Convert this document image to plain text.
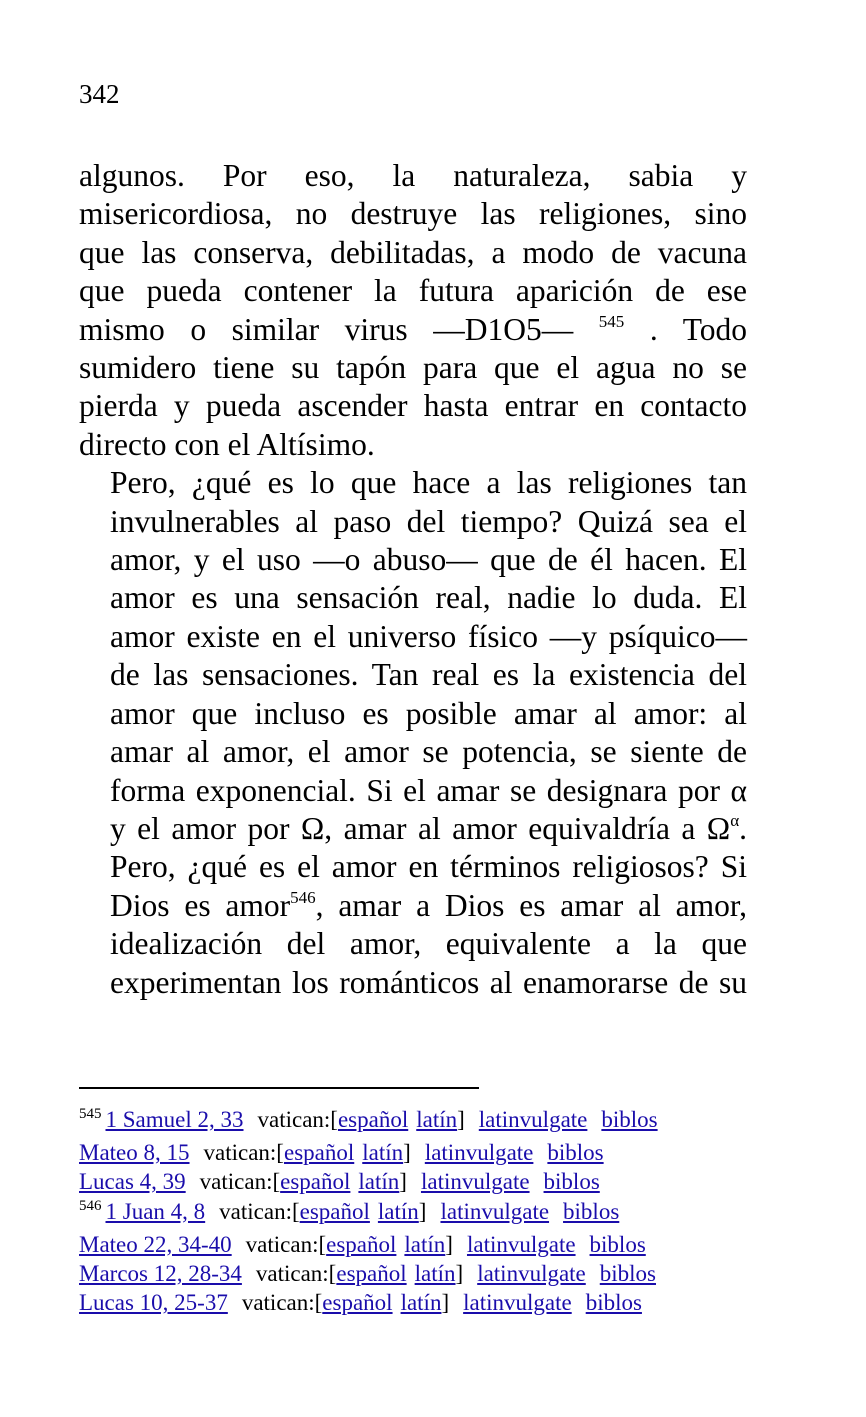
342

algunos. Por eso, la naturaleza, sabia y
misericordiosa, no destruye las religiones, sino
que las conserva, debilitadas, a modo de vacuna
que pueda contener la futura aparición de ese
mismo o similar virus —D1O5— $^{545}$ . Todo
sumidero tiene su tapón para que el agua no se
pierda y pueda ascender hasta entrar en contacto
directo con el Altísimo.

Pero, ¿qué es lo que hace a las religiones tan
invulnerables al paso del tiempo? Quizá sea el
amor, y el uso —o abuso— que de él hacen. El
amor es una sensación real, nadie lo duda. El
amor existe en el universo físico —y psíquico—
de las sensaciones. Tan real es la existencia del
amor que incluso es posible amar al amor: al
amar al amor, el amor se potencia, se siente de
forma exponencial. Si el amar se designara por α
y el amor por Ω, amar al amor equivaldría a $\Omega^\alpha$.
Pero, ¿qué es el amor en términos religiosos? Si
Dios es amor$^{546}$, amar a Dios es amar al amor,
idealización del amor, equivalente a la que
experimentan los románticos al enamorarse de su

$^{545}$ 1 Samuel 2, 33 vatican:[español latín] latinvulgate biblos
Mateo 8, 15 vatican:[español latín] latinvulgate biblos
Lucas 4, 39 vatican:[español latín] latinvulgate biblos
$^{546}$ 1 Juan 4, 8 vatican:[español latín] latinvulgate biblos
Mateo 22, 34-40 vatican:[español latín] latinvulgate biblos
Marcos 12, 28-34 vatican:[español latín] latinvulgate biblos
Lucas 10, 25-37 vatican:[español latín] latinvulgate biblos
